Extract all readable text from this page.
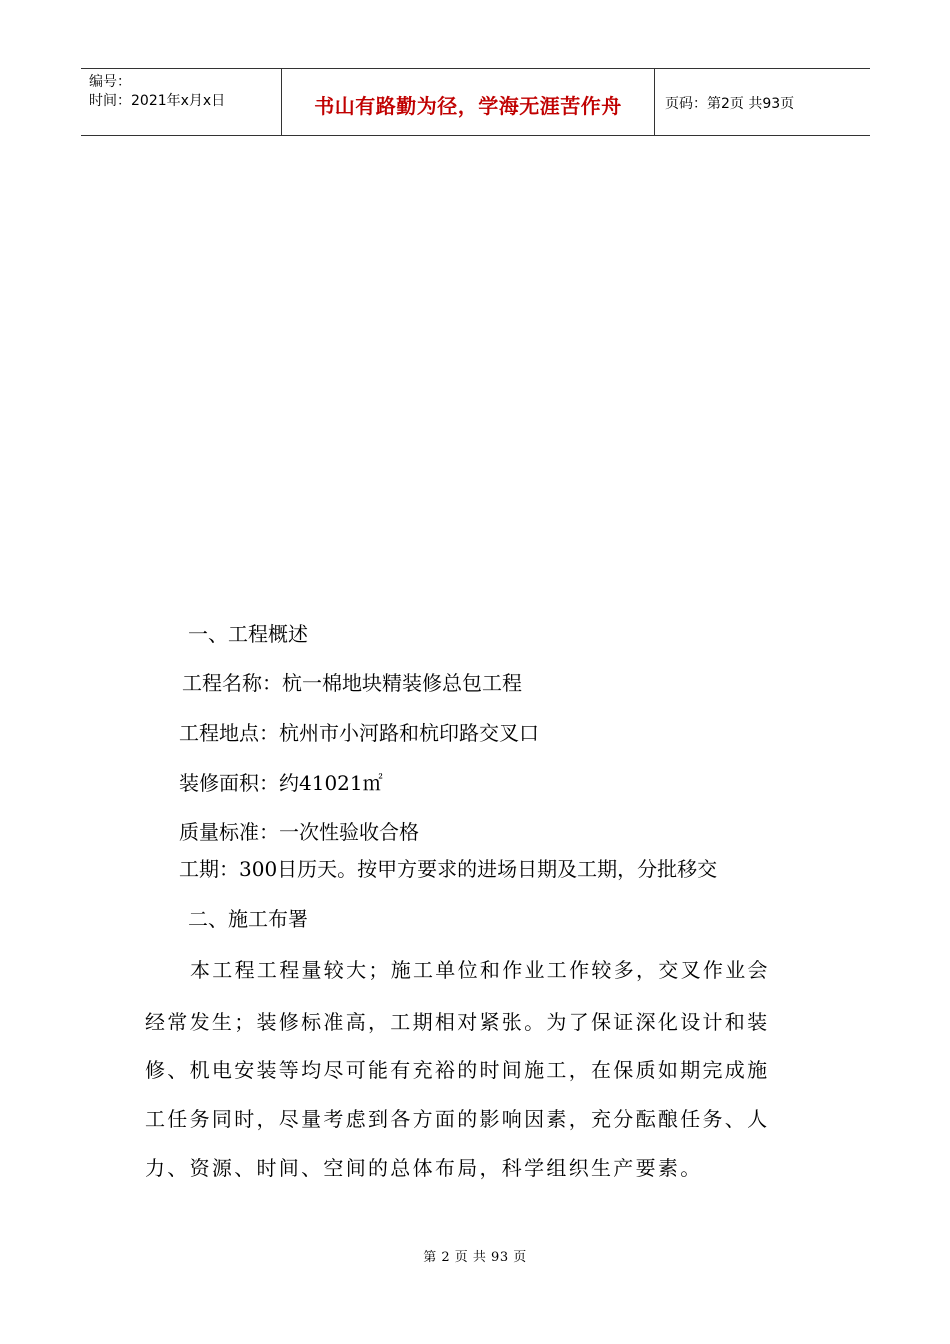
编号：
时间：2021年x月x日	书山有路勤为径，学海无涯苦作舟	页码：第2页 共93页
一、工程概述
工程名称：杭一棉地块精装修总包工程
工程地点：杭州市小河路和杭印路交叉口
装修面积：约41021㎡
质量标准：一次性验收合格
工期：300日历天。按甲方要求的进场日期及工期，分批移交
二、施工布署
本工程工程量较大；施工单位和作业工作较多，交叉作业会
经常发生；装修标准高，工期相对紧张。为了保证深化设计和装
修、机电安装等均尽可能有充裕的时间施工，在保质如期完成施
工任务同时，尽量考虑到各方面的影响因素，充分酝酿任务、人
力、资源、时间、空间的总体布局，科学组织生产要素。
第 2 页 共 93 页
